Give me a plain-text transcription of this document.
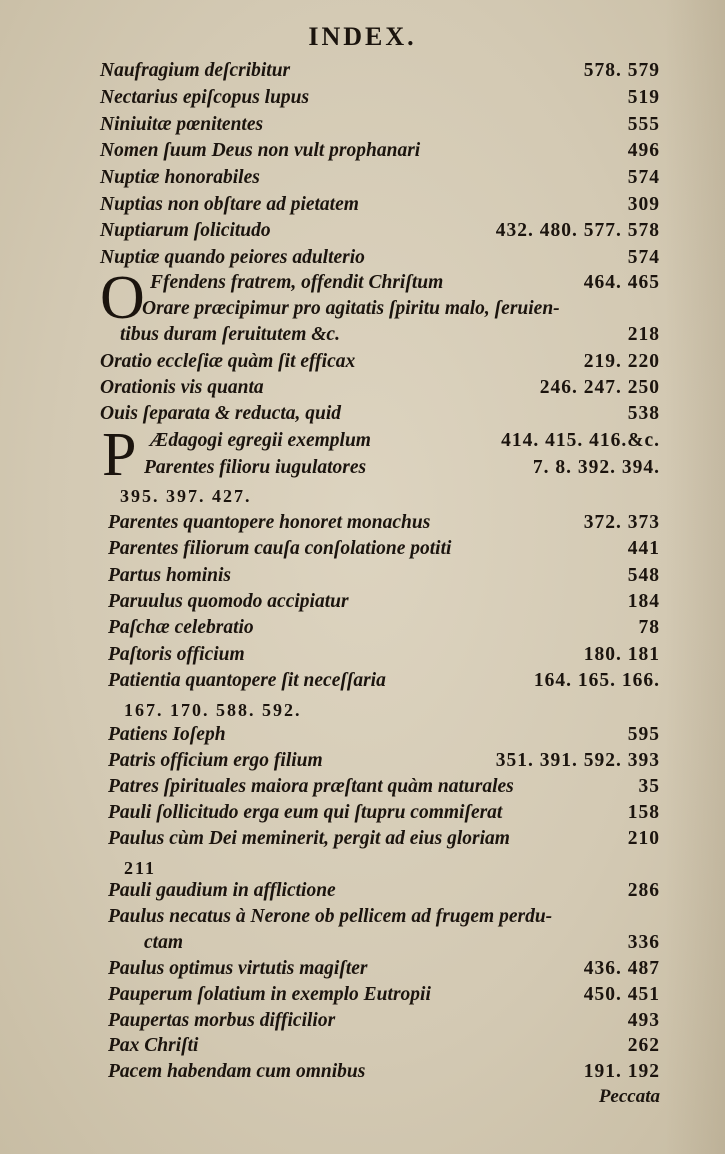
INDEX.
Naufragium deſcribitur	578. 579
Nectarius epiſcopus lupus	519
Niniuitæ pœnitentes	555
Nomen ſuum Deus non vult prophanari	496
Nuptiæ honorabiles	574
Nuptias non obſtare ad pietatem	309
Nuptiarum ſolicitudo	432. 480. 577. 578
Nuptiæ quando peiores adulterio	574
O Ffendens fratrem, offendit Chriſtum	464. 465
Orare præcipimur pro agitatis ſpiritu malo, ſeruien-
tibus duram ſeruitutem &c.	218
Oratio eccleſiæ quàm ſit efficax	219. 220
Orationis vis quanta	246. 247. 250
Ouis ſeparata & reducta, quid	538
P Ædagogi egregii exemplum	414. 415. 416.&c.
Parentes filioru iugulatores	7. 8. 392. 394.
395. 397. 427.
Parentes quantopere honoret monachus	372. 373
Parentes filiorum cauſa conſolatione potiti	441
Partus hominis	548
Paruulus quomodo accipiatur	184
Paſchæ celebratio	78
Paſtoris officium	180. 181
Patientia quantopere ſit neceſſaria	164. 165. 166.
167. 170. 588. 592.
Patiens Ioſeph	595
Patris officium ergo filium	351. 391. 592. 393
Patres ſpirituales maiora præſtant quàm naturales	35
Pauli ſollicitudo erga eum qui ſtupru commiſerat	158
Paulus cùm Dei meminerit, pergit ad eius gloriam	210
211
Pauli gaudium in afflictione	286
Paulus necatus à Nerone ob pellicem ad frugem perdu-
ctam	336
Paulus optimus virtutis magiſter	436. 487
Pauperum ſolatium in exemplo Eutropii	450. 451
Paupertas morbus difficilior	493
Pax Chriſti	262
Pacem habendam cum omnibus	191. 192
Peccata
